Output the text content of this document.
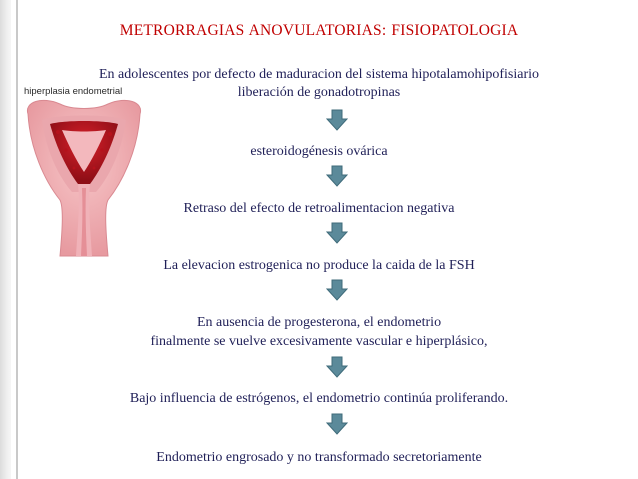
METRORRAGIAS ANOVULATORIAS: FISIOPATOLOGIA
hiperplasia endometrial

En adolescentes por defecto de maduracion del sistema hipotalamohipofisiario

liberación de gonadotropinas

esteroidogénesis ovárica

Retraso del efecto de retroalimentacion negativa

La elevacion estrogenica no produce la caida de la FSH

En ausencia de progesterona, el endometrio

finalmente se vuelve excesivamente vascular e hiperplásico,

Bajo influencia de estrógenos, el endometrio continúa proliferando.

Endometrio engrosado y no transformado secretoriamente
